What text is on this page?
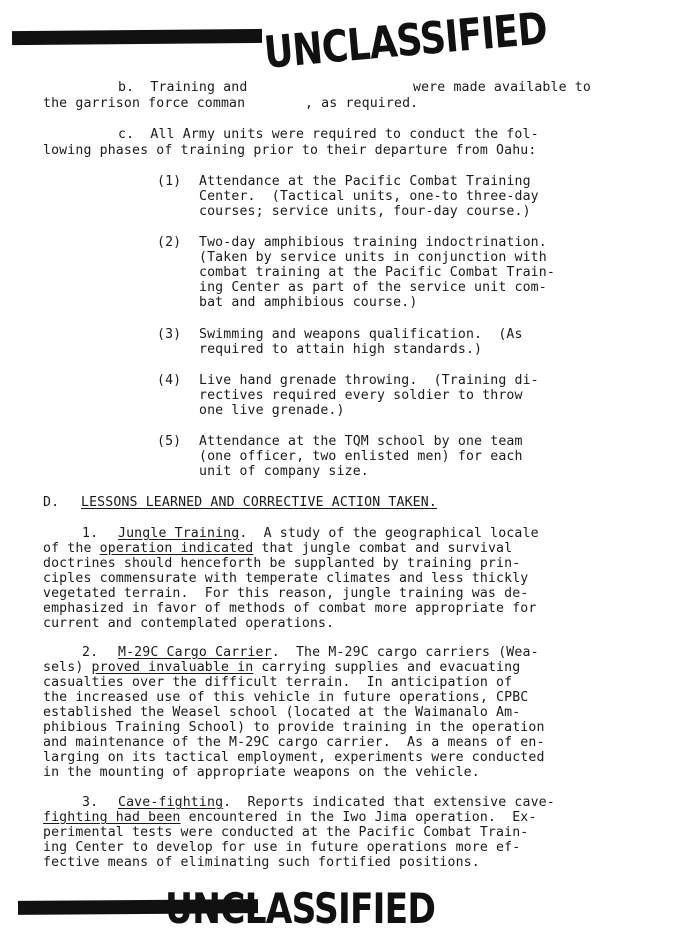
UNCLASSIFIED
b.  Training and	were made available to
the garrison force comman	, as required.
c.  All Army units were required to conduct the fol-
lowing phases of training prior to their departure from Oahu:
(1) Attendance at the Pacific Combat Training
Center.  (Tactical units, one-to three-day
courses; service units, four-day course.)
(2) Two-day amphibious training indoctrination.
(Taken by service units in conjunction with
combat training at the Pacific Combat Train-
ing Center as part of the service unit com-
bat and amphibious course.)
(3) Swimming and weapons qualification.  (As
required to attain high standards.)
(4) Live hand grenade throwing.  (Training di-
rectives required every soldier to throw
one live grenade.)
(5) Attendance at the TQM school by one team
(one officer, two enlisted men) for each
unit of company size.
D. LESSONS LEARNED AND CORRECTIVE ACTION TAKEN.
1. Jungle Training.  A study of the geographical locale
of the operation indicated that jungle combat and survival
doctrines should henceforth be supplanted by training prin-
ciples commensurate with temperate climates and less thickly
vegetated terrain.  For this reason, jungle training was de-
emphasized in favor of methods of combat more appropriate for
current and contemplated operations.
2. M-29C Cargo Carrier.  The M-29C cargo carriers (Wea-
sels) proved invaluable in carrying supplies and evacuating
casualties over the difficult terrain.  In anticipation of
the increased use of this vehicle in future operations, CPBC
established the Weasel school (located at the Waimanalo Am-
phibious Training School) to provide training in the operation
and maintenance of the M-29C cargo carrier.  As a means of en-
larging on its tactical employment, experiments were conducted
in the mounting of appropriate weapons on the vehicle.
3. Cave-fighting.  Reports indicated that extensive cave-
fighting had been encountered in the Iwo Jima operation.  Ex-
perimental tests were conducted at the Pacific Combat Train-
ing Center to develop for use in future operations more ef-
fective means of eliminating such fortified positions.
UNCLASSIFIED
